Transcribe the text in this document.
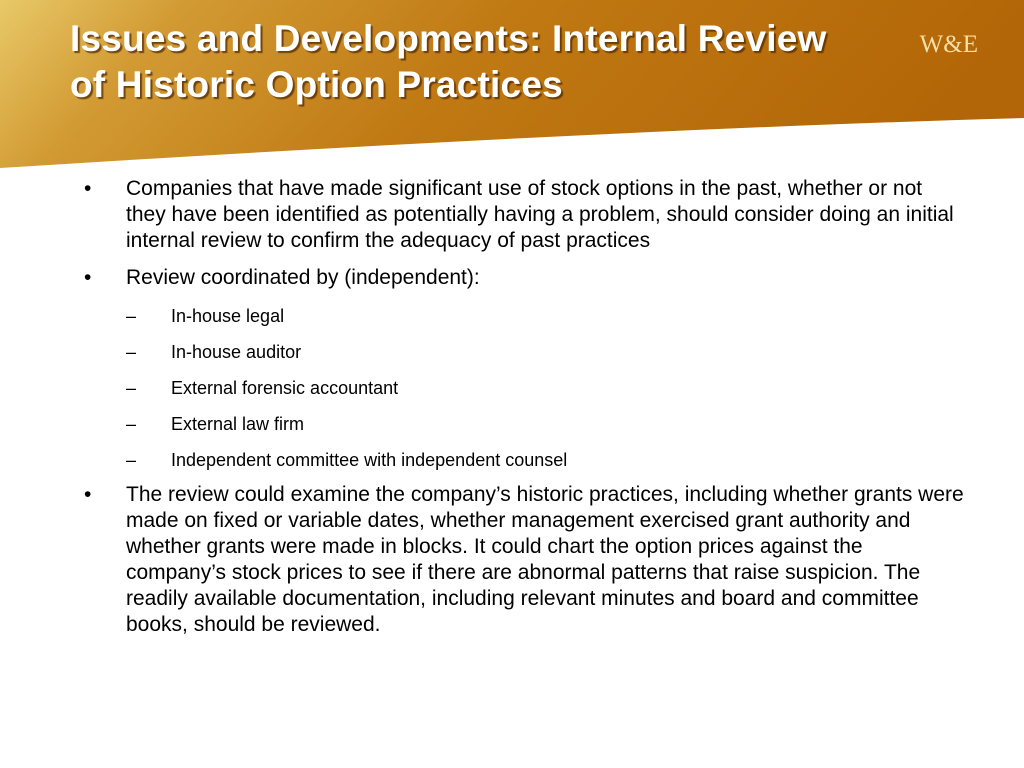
W&E
Issues and Developments: Internal Review
of Historic Option Practices
•	Companies that have made significant use of stock options in the past, whether or not they have been identified as potentially having a problem, should consider doing an initial internal review to confirm the adequacy of past practices
•	Review coordinated by (independent):
–	In-house legal
–	In-house auditor
–	External forensic accountant
–	External law firm
–	Independent committee with independent counsel
•	The review could examine the company’s historic practices, including whether grants were made on fixed or variable dates, whether management exercised grant authority and whether grants were made in blocks. It could chart the option prices against the company’s stock prices to see if there are abnormal patterns that raise suspicion. The readily available documentation, including relevant minutes and board and committee books, should be reviewed.
